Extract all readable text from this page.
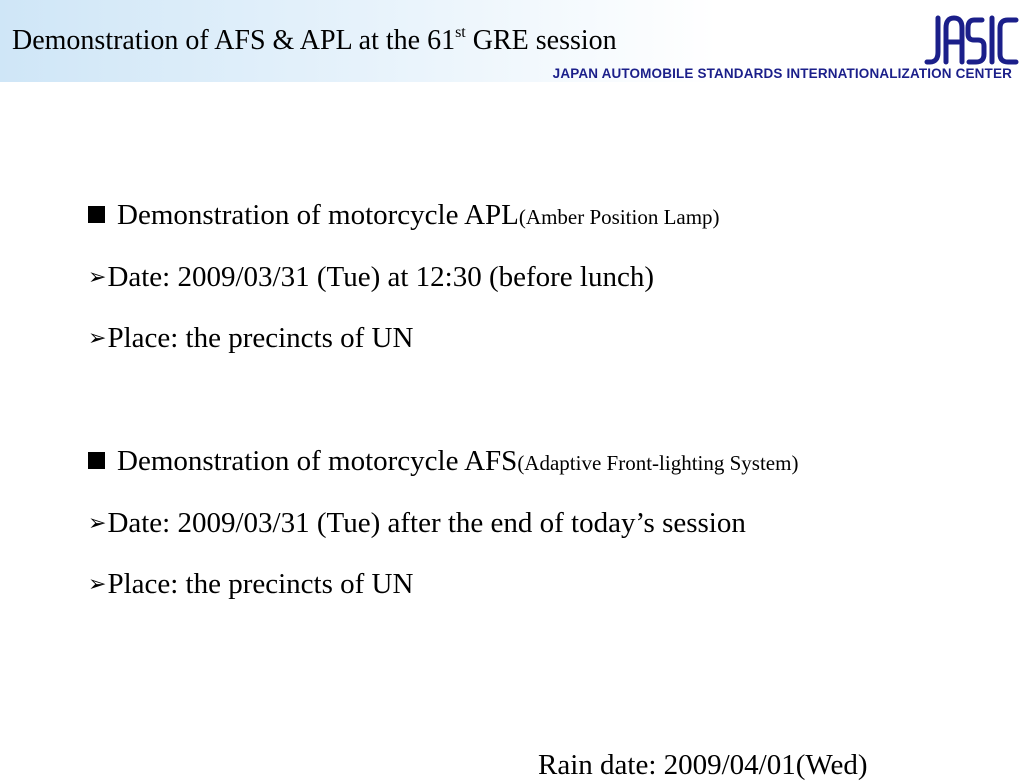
Demonstration of AFS & APL at the 61st GRE session
JAPAN AUTOMOBILE STANDARDS INTERNATIONALIZATION CENTER
Demonstration of motorcycle APL(Amber Position Lamp)
➢Date: 2009/03/31 (Tue) at 12:30 (before lunch)
➢Place: the precincts of UN
Demonstration of motorcycle AFS(Adaptive Front-lighting System)
➢Date: 2009/03/31 (Tue) after the end of today’s session
➢Place: the precincts of UN
Rain date: 2009/04/01(Wed)
